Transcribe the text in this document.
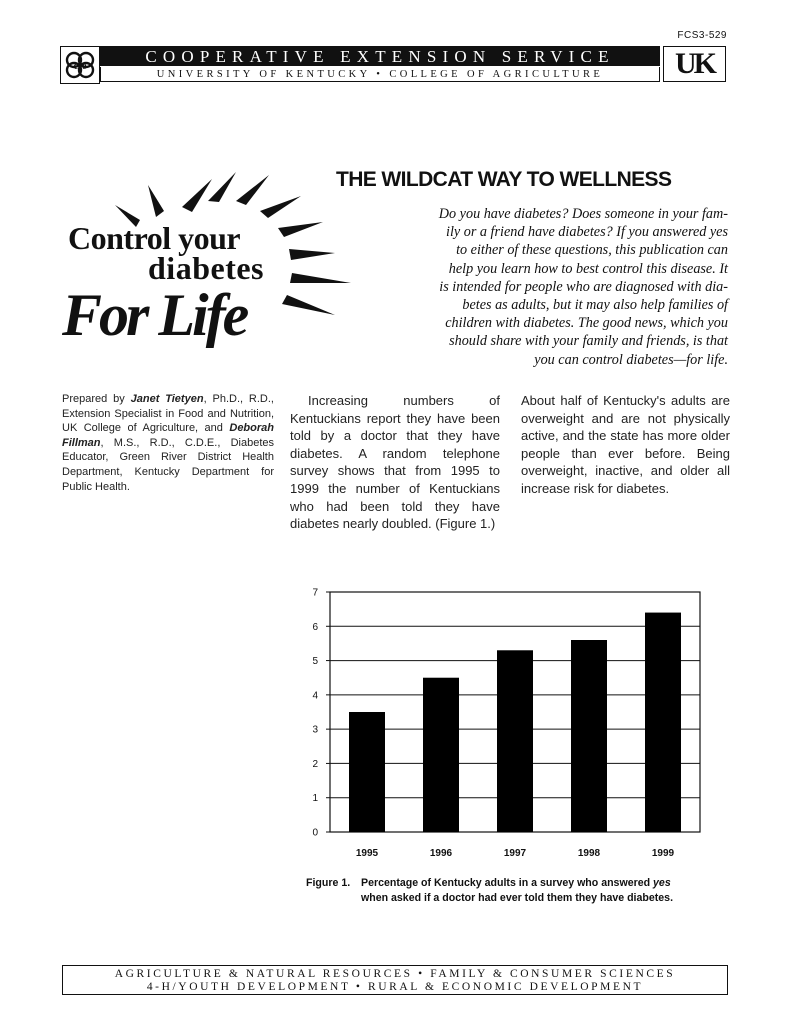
FCS3-529
cse
COOPERATIVE EXTENSION SERVICE
UNIVERSITY OF KENTUCKY • COLLEGE OF AGRICULTURE	UK
Control your
diabetes
For Life
THE WILDCAT WAY TO WELLNESS
Do you have diabetes? Does someone in your fam-
ily or a friend have diabetes? If you answered yes
to either of these questions, this publication can
help you learn how to best control this disease. It
is intended for people who are diagnosed with dia-
betes as adults, but it may also help families of
children with diabetes. The good news, which you
should share with your family and friends, is that
you can control diabetes—for life.
Prepared by Janet Tietyen, Ph.D., R.D., Extension Specialist in Food and Nutrition, UK College of Agriculture, and Deborah Fillman, M.S., R.D., C.D.E., Diabetes Educator, Green River District Health Department, Kentucky Department for Public Health.
Increasing numbers of Kentuckians report they have been told by a doctor that they have diabetes. A random telephone survey shows that from 1995 to 1999 the number of Kentuckians who had been told they have diabetes nearly doubled. (Figure 1.)
About half of Kentucky's adults are overweight and are not physically active, and the state has more older people than ever before. Being overweight, inactive, and older all increase risk for diabetes.
0
1
2
3
4
5
6
7
1995	1996	1997	1998	1999
Figure 1. Percentage of Kentucky adults in a survey who answered yes
when asked if a doctor had ever told them they have diabetes.
AGRICULTURE & NATURAL RESOURCES • FAMILY & CONSUMER SCIENCES
4-H/YOUTH DEVELOPMENT • RURAL & ECONOMIC DEVELOPMENT
